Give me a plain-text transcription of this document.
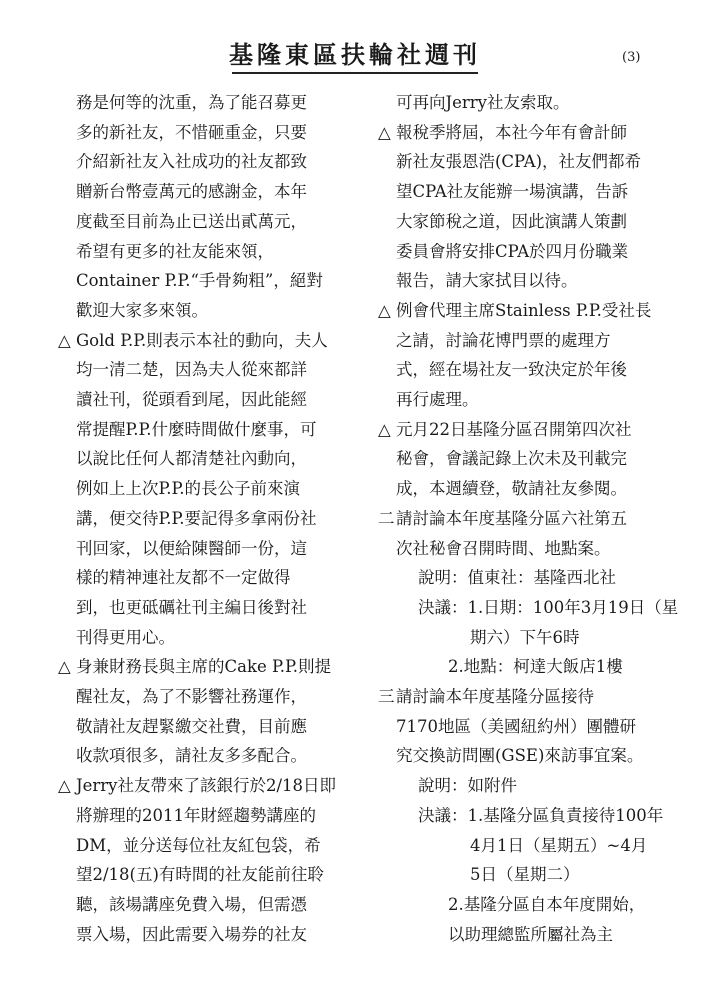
基隆東區扶輪社週刊	(3)
務是何等的沈重，為了能召募更
多的新社友，不惜砸重金，只要
介紹新社友入社成功的社友都致
贈新台幣壹萬元的感謝金，本年
度截至目前為止已送出貳萬元，
希望有更多的社友能來領，
Container P.P.“手骨夠粗”，絕對
歡迎大家多來領。
△ Gold P.P.則表示本社的動向，夫人
均一清二楚，因為夫人從來都詳
讀社刊，從頭看到尾，因此能經
常提醒P.P.什麼時間做什麼事，可
以說比任何人都清楚社內動向，
例如上上次P.P.的長公子前來演
講，便交待P.P.要記得多拿兩份社
刊回家，以便給陳醫師一份，這
樣的精神連社友都不一定做得
到，也更砥礪社刊主編日後對社
刊得更用心。
△ 身兼財務長與主席的Cake P.P.則提
醒社友，為了不影響社務運作，
敬請社友趕緊繳交社費，目前應
收款項很多，請社友多多配合。
△ Jerry社友帶來了該銀行於2/18日即
將辦理的2011年財經趨勢講座的
DM，並分送每位社友紅包袋，希
望2/18(五)有時間的社友能前往聆
聽，該場講座免費入場，但需憑
票入場，因此需要入場券的社友
可再向Jerry社友索取。
△ 報稅季將屆，本社今年有會計師
新社友張恩浩(CPA)，社友們都希
望CPA社友能辦一場演講，告訴
大家節稅之道，因此演講人策劃
委員會將安排CPA於四月份職業
報告，請大家拭目以待。
△ 例會代理主席Stainless P.P.受社長
之請，討論花博門票的處理方
式，經在場社友一致決定於年後
再行處理。
△ 元月22日基隆分區召開第四次社
秘會，會議記錄上次未及刊載完
成，本週續登，敬請社友參閱。
二請討論本年度基隆分區六社第五
次社秘會召開時間、地點案。
說明：值東社：基隆西北社
決議：1.日期：100年3月19日（星
期六）下午6時
2.地點：柯達大飯店1樓
三請討論本年度基隆分區接待
7170地區（美國紐約州）團體研
究交換訪問團(GSE)來訪事宜案。
說明：如附件
決議：1.基隆分區負責接待100年
4月1日（星期五）~4月
5日（星期二）
2.基隆分區自本年度開始，
以助理總監所屬社為主
